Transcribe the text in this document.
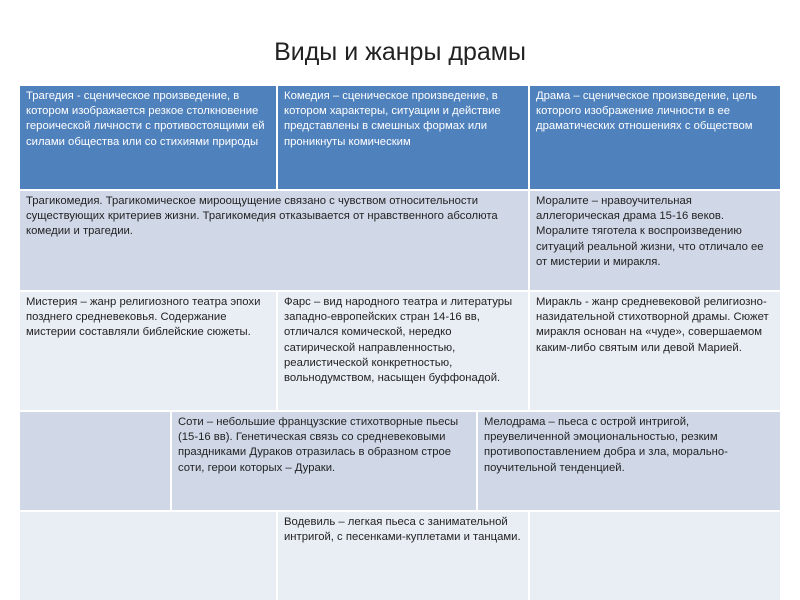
Виды и жанры драмы
Трагедия - сценическое произведение, в котором изображается резкое столкновение героической личности с противостоящими ей силами общества или со стихиями природы
Комедия – сценическое произведение, в котором характеры, ситуации и действие представлены в смешных формах или проникнуты комическим
Драма – сценическое произведение, цель которого изображение личности в ее драматических отношениях с обществом
Трагикомедия. Трагикомическое мироощущение связано с чувством относительности существующих критериев жизни. Трагикомедия отказывается от нравственного абсолюта комедии и трагедии.
Моралите – нравоучительная аллегорическая драма 15-16 веков. Моралите тяготела к воспроизведению ситуаций реальной жизни, что отличало ее от мистерии и миракля.
Мистерия – жанр религиозного театра эпохи позднего средневековья. Содержание мистерии составляли библейские сюжеты.
Фарс – вид народного театра и литературы западно-европейских стран 14-16 вв, отличался комической, нередко сатирической направленностью, реалистической конкретностью, вольнодумством, насыщен буффонадой.
Миракль - жанр средневековой религиозно-назидательной стихотворной драмы. Сюжет миракля основан на «чуде», совершаемом каким-либо святым или девой Марией.
Соти – небольшие французские стихотворные пьесы (15-16 вв). Генетическая связь со средневековыми праздниками Дураков отразилась в образном строе соти, герои которых – Дураки.
Мелодрама – пьеса с острой интригой, преувеличенной эмоциональностью, резким противопоставлением добра и зла, морально-поучительной тенденцией.
Водевиль – легкая пьеса с занимательной интригой, с песенками-куплетами и танцами.
